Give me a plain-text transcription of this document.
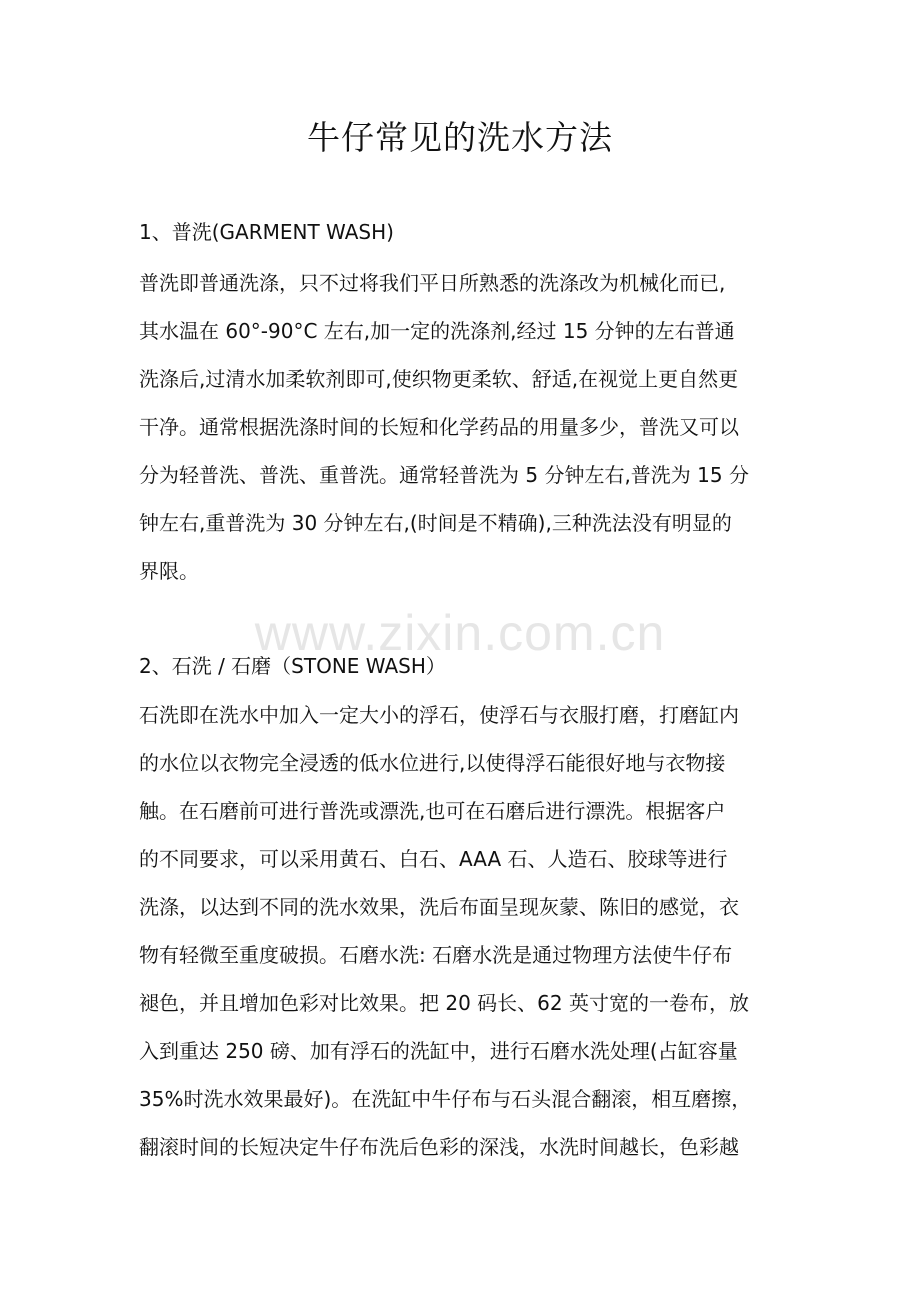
牛仔常见的洗水方法
www.zixin.com.cn
1、普洗(GARMENT WASH)
普洗即普通洗涤，只不过将我们平日所熟悉的洗涤改为机械化而已,
其水温在 60°-90°C 左右,加一定的洗涤剂,经过 15 分钟的左右普通
洗涤后,过清水加柔软剂即可,使织物更柔软、舒适,在视觉上更自然更
干净。通常根据洗涤时间的长短和化学药品的用量多少，普洗又可以
分为轻普洗、普洗、重普洗。通常轻普洗为 5 分钟左右,普洗为 15 分
钟左右,重普洗为 30 分钟左右,(时间是不精确),三种洗法没有明显的
界限。
2、石洗 / 石磨（STONE WASH）
石洗即在洗水中加入一定大小的浮石，使浮石与衣服打磨，打磨缸内
的水位以衣物完全浸透的低水位进行,以使得浮石能很好地与衣物接
触。在石磨前可进行普洗或漂洗,也可在石磨后进行漂洗。根据客户
的不同要求，可以采用黄石、白石、AAA 石、人造石、胶球等进行
洗涤，以达到不同的洗水效果，洗后布面呈现灰蒙、陈旧的感觉，衣
物有轻微至重度破损。石磨水洗: 石磨水洗是通过物理方法使牛仔布
褪色，并且增加色彩对比效果。把 20 码长、62 英寸宽的一卷布，放
入到重达 250 磅、加有浮石的洗缸中，进行石磨水洗处理(占缸容量
35%时洗水效果最好)。在洗缸中牛仔布与石头混合翻滚，相互磨擦，
翻滚时间的长短决定牛仔布洗后色彩的深浅，水洗时间越长，色彩越
